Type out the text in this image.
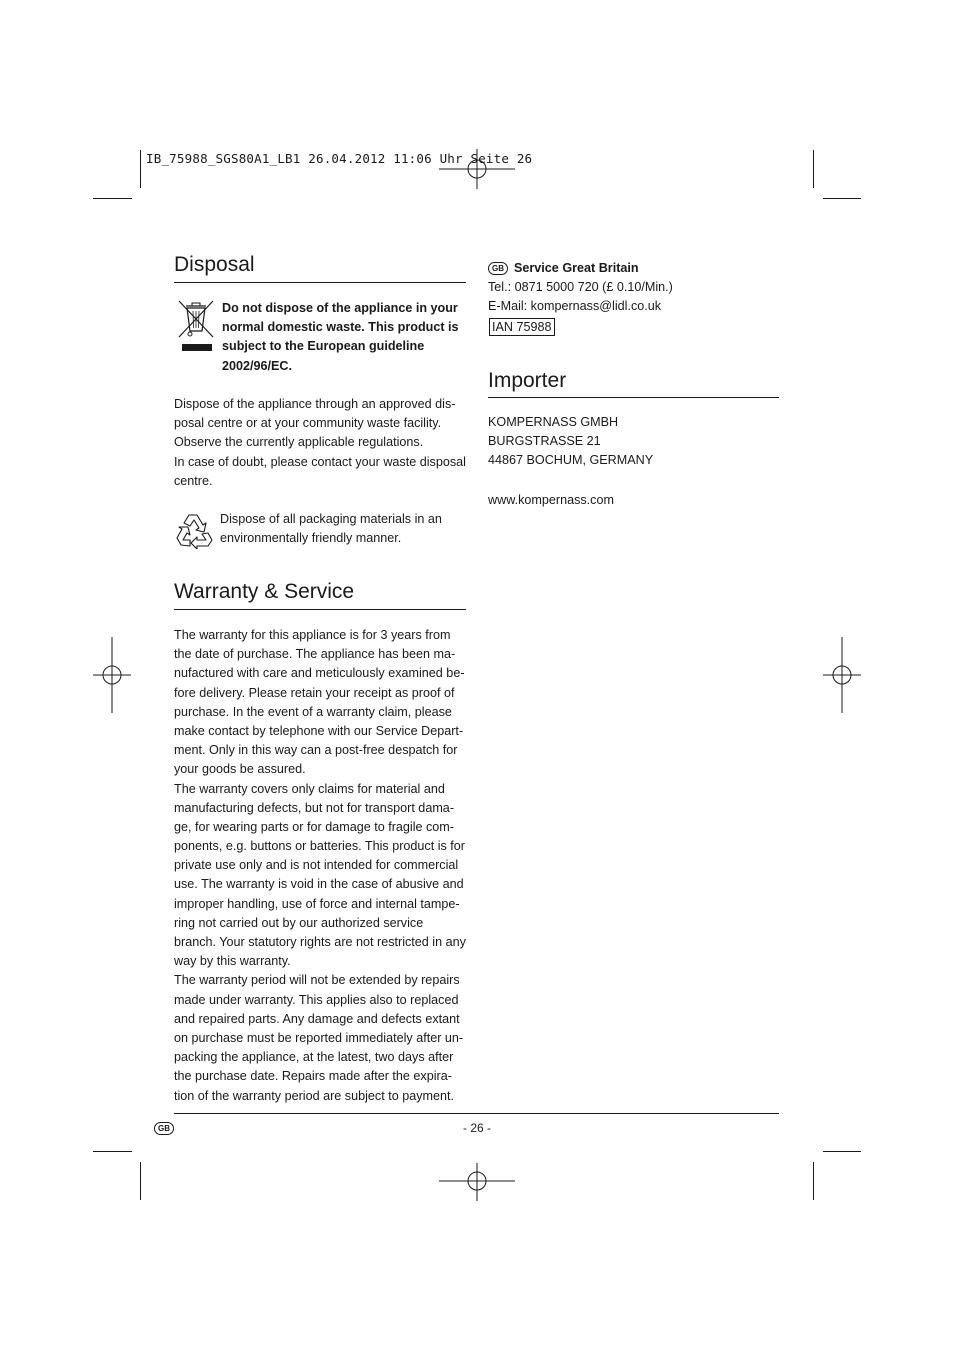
IB_75988_SGS80A1_LB1 26.04.2012 11:06 Uhr Seite 26
Disposal
Do not dispose of the appliance in your
normal domestic waste. This product is
subject to the European guideline
2002/96/EC.
Dispose of the appliance through an approved dis-
posal centre or at your community waste facility.
Observe the currently applicable regulations.
In case of doubt, please contact your waste disposal
centre.
Dispose of all packaging materials in an
environmentally friendly manner.
Warranty & Service
The warranty for this appliance is for 3 years from
the date of purchase. The appliance has been ma-
nufactured with care and meticulously examined be-
fore delivery. Please retain your receipt as proof of
purchase. In the event of a warranty claim, please
make contact by telephone with our Service Depart-
ment. Only in this way can a post-free despatch for
your goods be assured.
The warranty covers only claims for material and
manufacturing defects, but not for transport dama-
ge, for wearing parts or for damage to fragile com-
ponents, e.g. buttons or batteries. This product is for
private use only and is not intended for commercial
use. The warranty is void in the case of abusive and
improper handling, use of force and internal tampe-
ring not carried out by our authorized service
branch. Your statutory rights are not restricted in any
way by this warranty.
The warranty period will not be extended by repairs
made under warranty. This applies also to replaced
and repaired parts. Any damage and defects extant
on purchase must be reported immediately after un-
packing the appliance, at the latest, two days after
the purchase date. Repairs made after the expira-
tion of the warranty period are subject to payment.
GB Service Great Britain
Tel.: 0871 5000 720 (£ 0.10/Min.)
E-Mail: kompernass@lidl.co.uk
IAN 75988
Importer
KOMPERNASS GMBH
BURGSTRASSE 21
44867 BOCHUM, GERMANY
www.kompernass.com
GB	- 26 -
